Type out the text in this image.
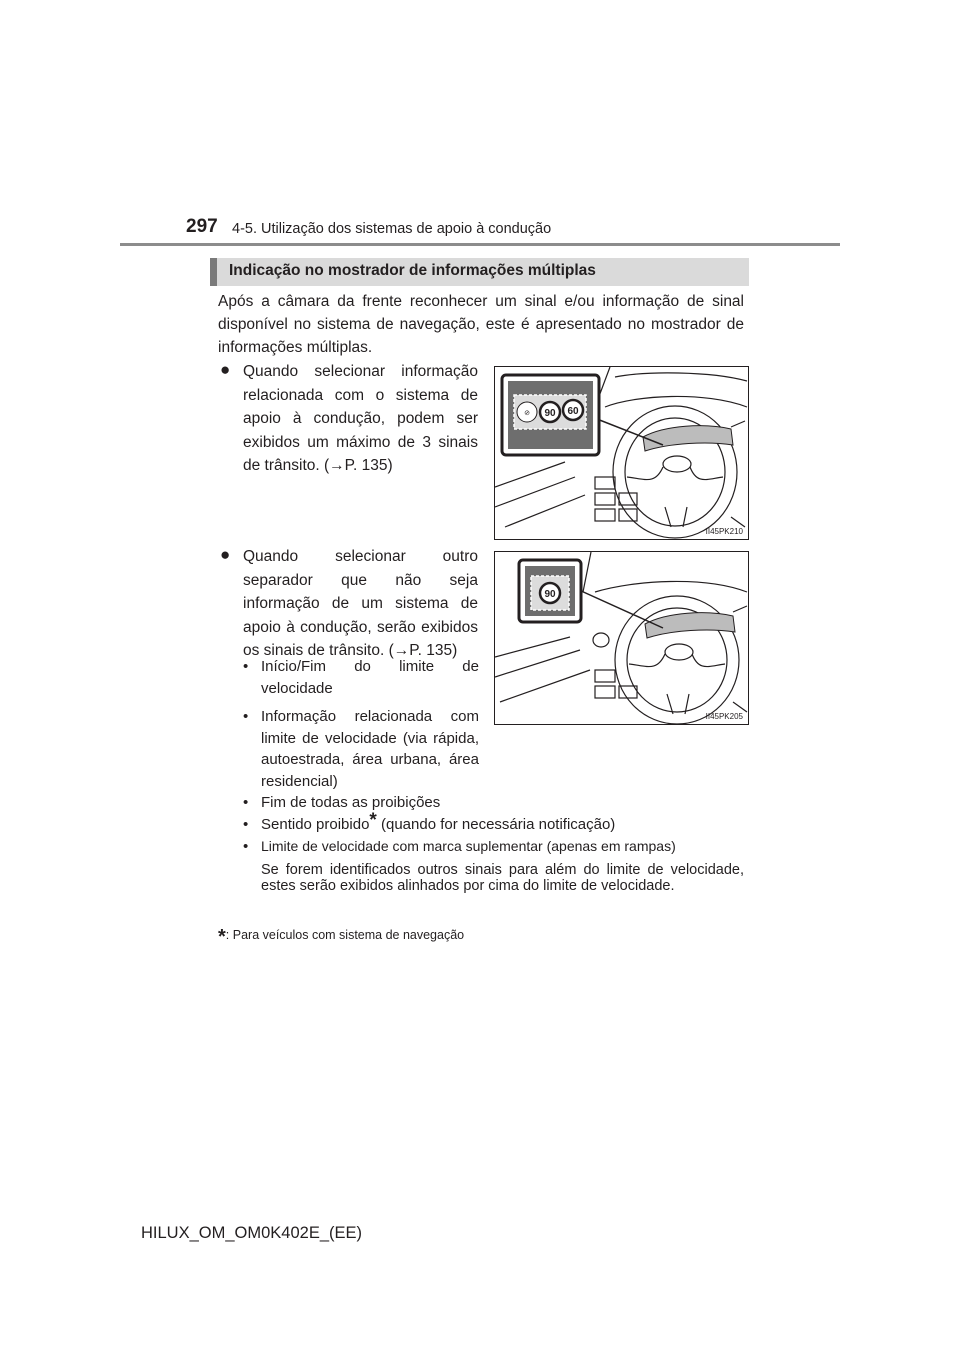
297 4-5. Utilização dos sistemas de apoio à condução
Indicação no mostrador de informações múltiplas
Após a câmara da frente reconhecer um sinal e/ou informação de sinal disponível no sistema de navegação, este é apresentado no mostrador de informações múltiplas.
● Quando selecionar informação relacionada com o sistema de apoio à condução, podem ser exibidos um máximo de 3 sinais de trânsito. (→P. 135)
⊘ 90 60
II45PK210
● Quando selecionar outro separador que não seja informação de um sistema de apoio à condução, serão exibidos os sinais de trânsito. (→P. 135)
90
II45PK205
• Início/Fim do limite de velocidade
• Informação relacionada com limite de velocidade (via rápida, autoestrada, área urbana, área residencial)
• Fim de todas as proibições
• Sentido proibido* (quando for necessária notificação)
• Limite de velocidade com marca suplementar (apenas em rampas)
Se forem identificados outros sinais para além do limite de velocidade, estes serão exibidos alinhados por cima do limite de velocidade.
*: Para veículos com sistema de navegação
HILUX_OM_OM0K402E_(EE)
